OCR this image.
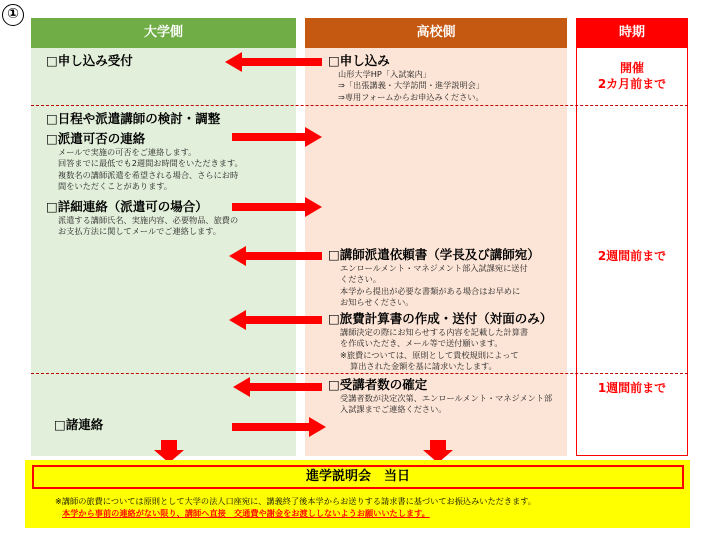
①
大学側	高校側	時期
□申し込み受付
□日程や派遣講師の検討・調整
□派遣可否の連絡
メールで実施の可否をご連絡します。
回答までに最低でも2週間お時間をいただきます。
複数名の講師派遣を希望される場合、さらにお時
間をいただくことがあります。
□詳細連絡（派遣可の場合）
派遣する講師氏名、実施内容、必要物品、旅費の
お支払方法に関してメールでご連絡します。
□諸連絡
□申し込み
山形大学HP「入試案内」
⇒「出張講義・大学訪問・進学説明会」
⇒専用フォームからお申込みください。
□講師派遣依頼書（学長及び講師宛）
エンロールメント・マネジメント部入試課宛に送付
ください。
本学から提出が必要な書類がある場合はお早めに
お知らせください。
□旅費計算書の作成・送付（対面のみ）
講師決定の際にお知らせする内容を記載した計算書
を作成いただき、メール等で送付願います。
※旅費については、原則として貴校規則によって
算出された金額を基に請求いたします。
□受講者数の確定
受講者数が決定次第、エンロールメント・マネジメント部
入試課までご連絡ください。
開催
2カ月前まで
2週間前まで
1週間前まで
進学説明会　当日
※講師の旅費については原則として大学の法人口座宛に、講義終了後本学からお送りする請求書に基づいてお振込みいただきます。
本学から事前の連絡がない限り、講師へ直接　交通費や謝金をお渡ししないようお願いいたします。
